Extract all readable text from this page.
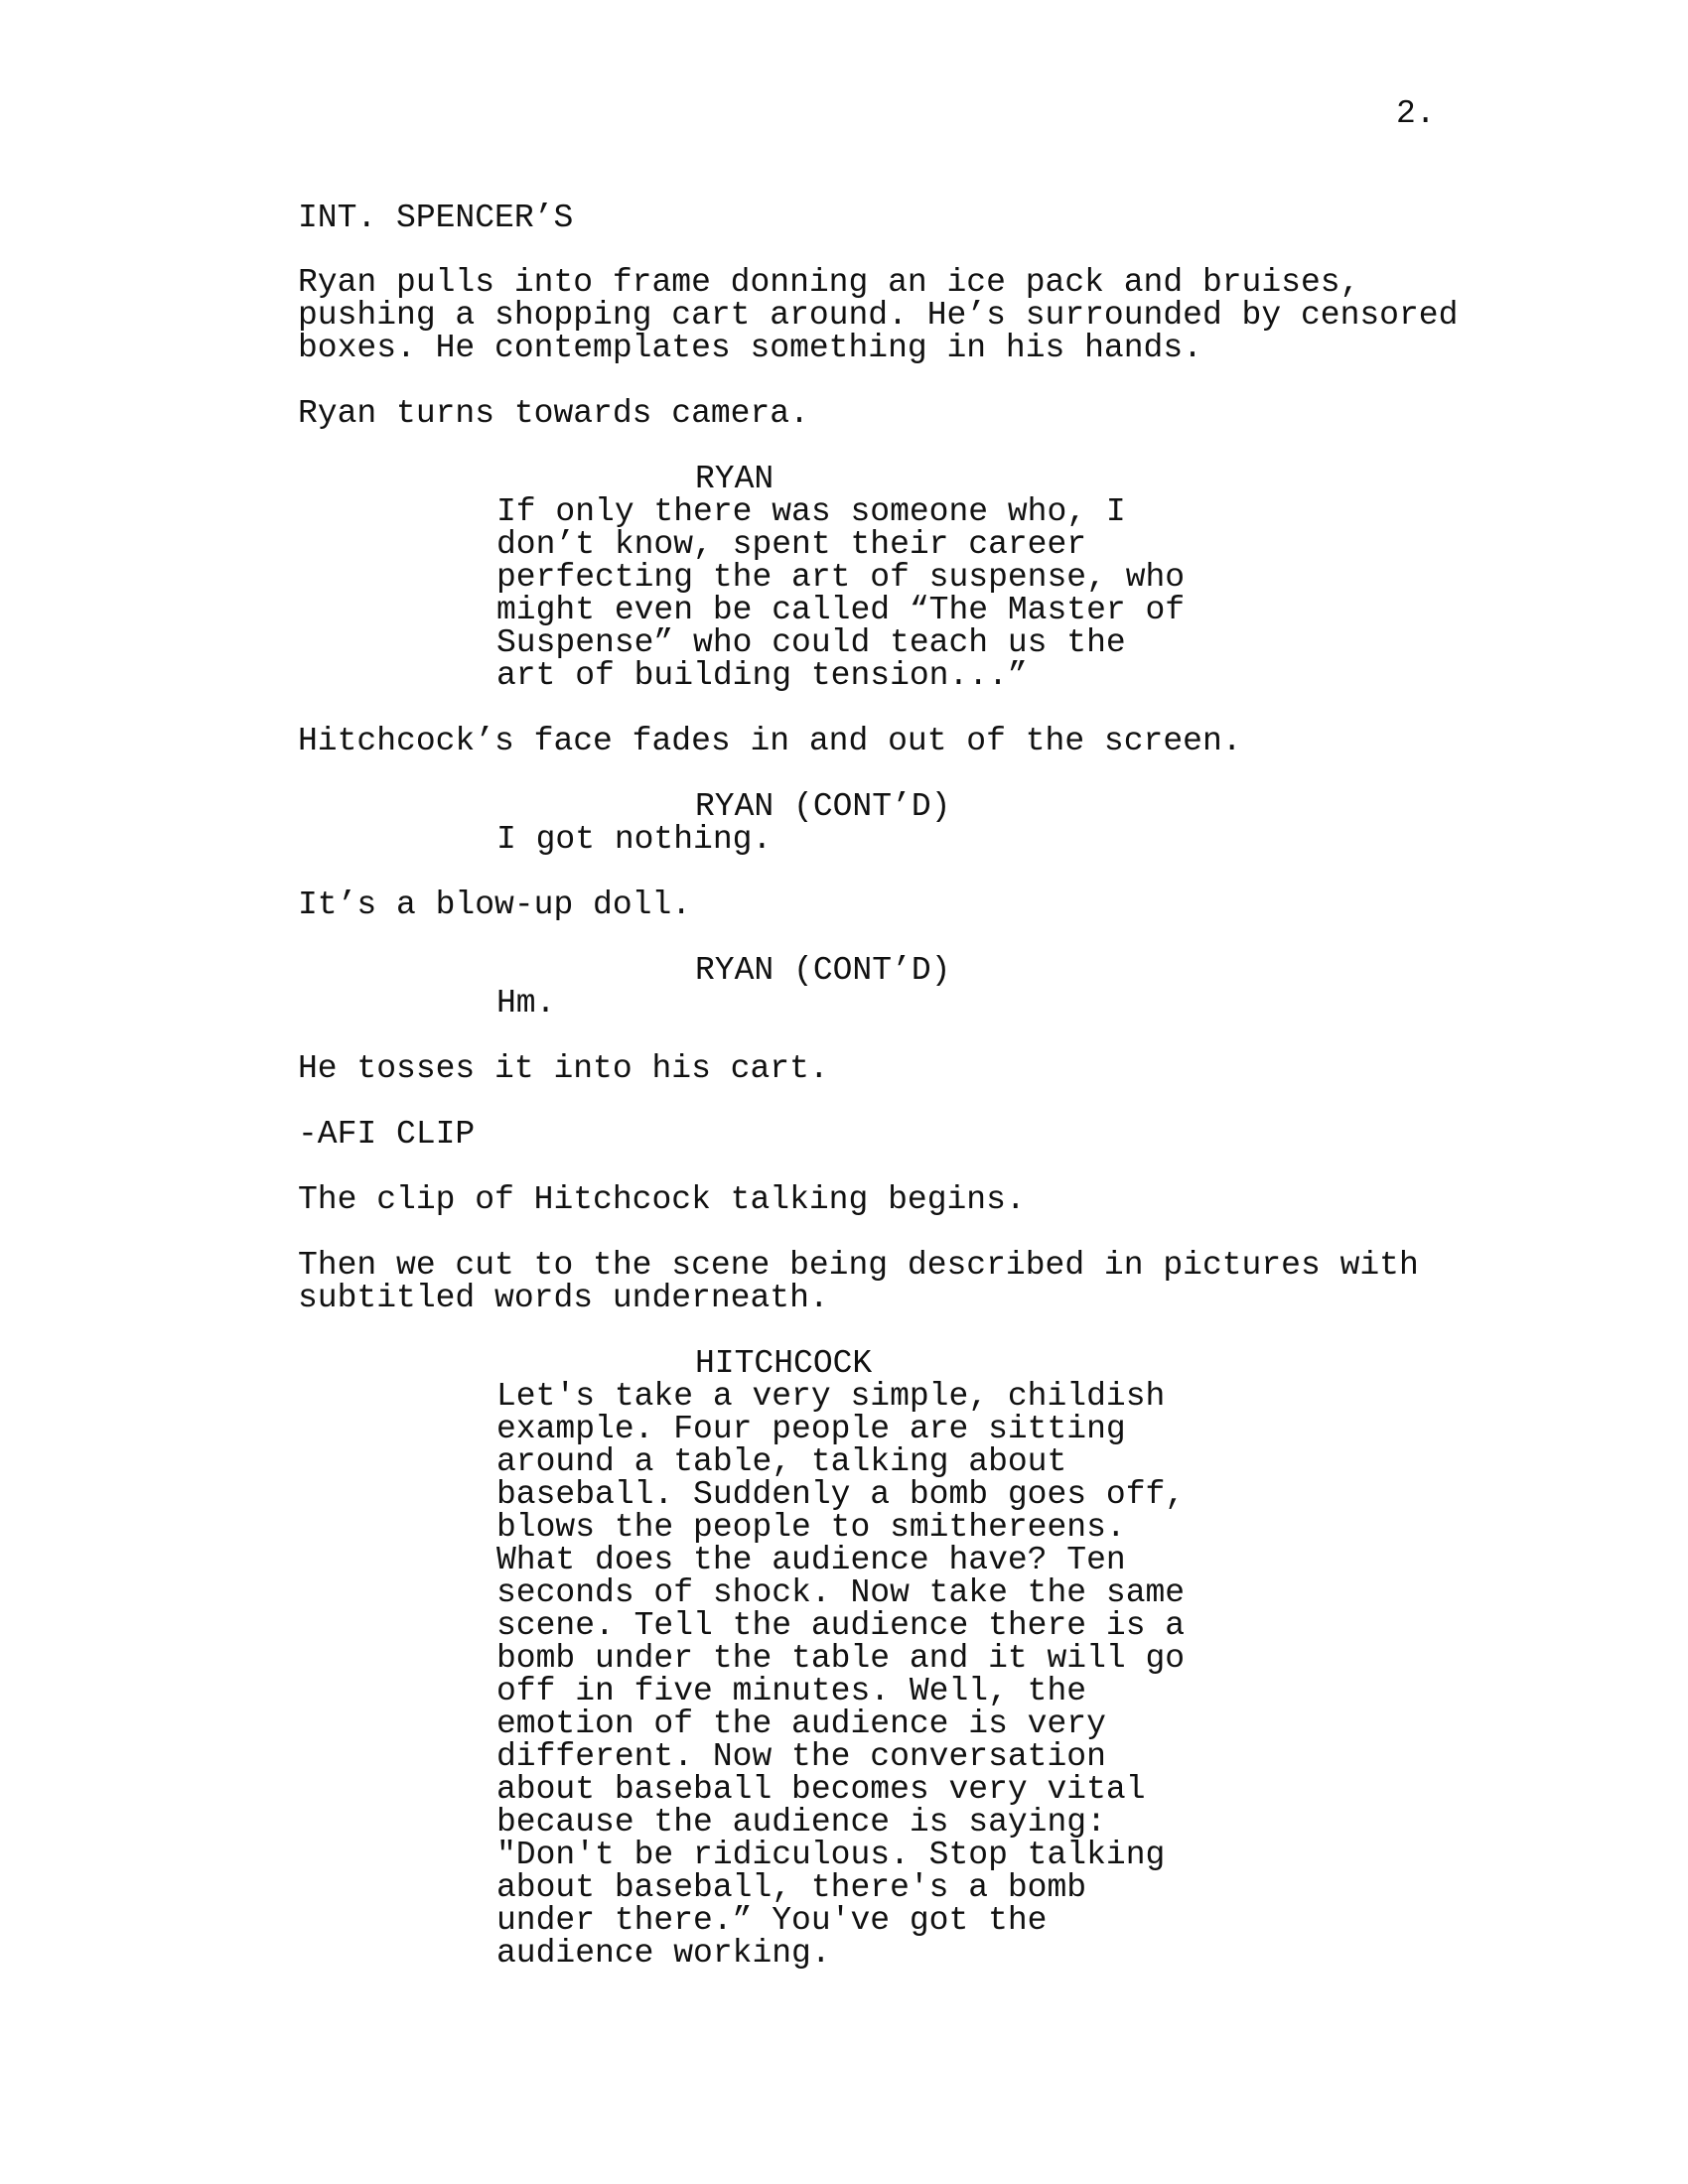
2.
INT. SPENCER’S
Ryan pulls into frame donning an ice pack and bruises,
pushing a shopping cart around. He’s surrounded by censored
boxes. He contemplates something in his hands.
Ryan turns towards camera.
RYAN
If only there was someone who, I
don’t know, spent their career
perfecting the art of suspense, who
might even be called “The Master of
Suspense” who could teach us the
art of building tension...”
Hitchcock’s face fades in and out of the screen.
RYAN (CONT’D)
I got nothing.
It’s a blow-up doll.
RYAN (CONT’D)
Hm.
He tosses it into his cart.
-AFI CLIP
The clip of Hitchcock talking begins.
Then we cut to the scene being described in pictures with
subtitled words underneath.
HITCHCOCK
Let's take a very simple, childish
example. Four people are sitting
around a table, talking about
baseball. Suddenly a bomb goes off,
blows the people to smithereens.
What does the audience have? Ten
seconds of shock. Now take the same
scene. Tell the audience there is a
bomb under the table and it will go
off in five minutes. Well, the
emotion of the audience is very
different. Now the conversation
about baseball becomes very vital
because the audience is saying:
"Don't be ridiculous. Stop talking
about baseball, there's a bomb
under there.” You've got the
audience working.
